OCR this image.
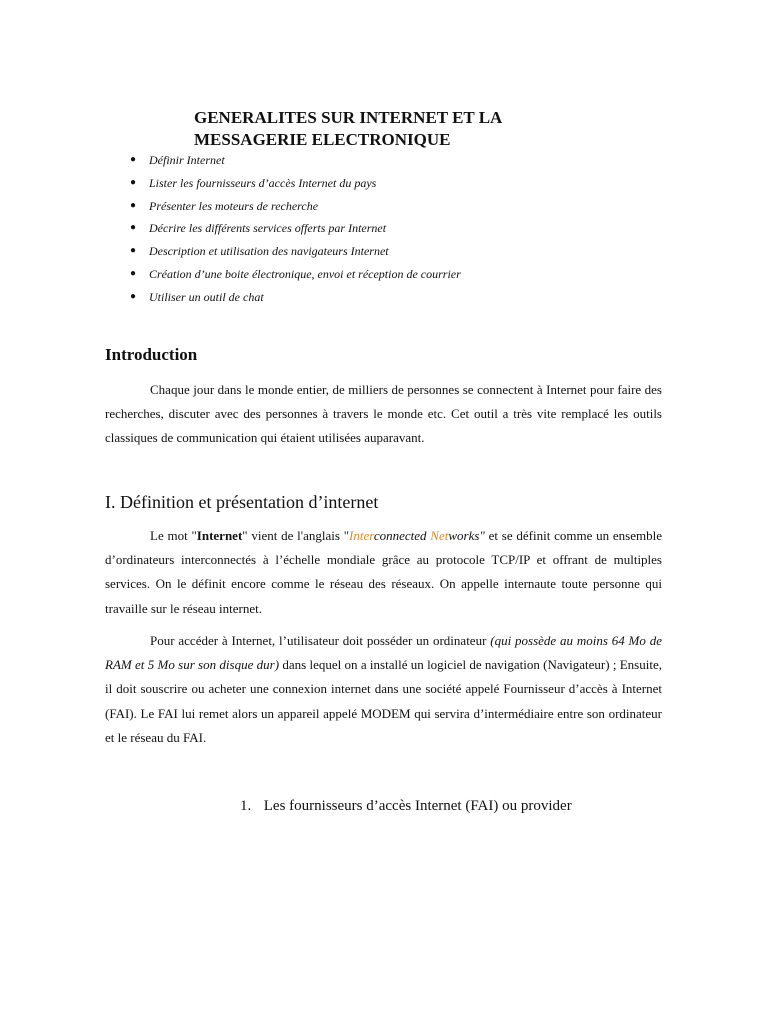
GENERALITES SUR INTERNET ET LA
MESSAGERIE ELECTRONIQUE
● Définir Internet
● Lister les fournisseurs d’accès Internet du pays
● Présenter les moteurs de recherche
● Décrire les différents services offerts par Internet
● Description et utilisation des navigateurs Internet
● Création d’une boite électronique, envoi et réception de courrier
● Utiliser un outil de chat
Introduction

Chaque jour dans le monde entier, de milliers de personnes se connectent à Internet pour faire des recherches, discuter avec des personnes à travers le monde etc. Cet outil a très vite remplacé les outils classiques de communication qui étaient utilisées auparavant.

I. Définition et présentation d’internet

Le mot "Internet" vient de l'anglais "Interconnected Networks" et se définit comme un ensemble d’ordinateurs interconnectés à l’échelle mondiale grâce au protocole TCP/IP et offrant de multiples services. On le définit encore comme le réseau des réseaux. On appelle internaute toute personne qui travaille sur le réseau internet.

Pour accéder à Internet, l’utilisateur doit posséder un ordinateur (qui possède au moins 64 Mo de RAM et 5 Mo sur son disque dur) dans lequel on a installé un logiciel de navigation (Navigateur) ; Ensuite, il doit souscrire ou acheter une connexion internet dans une société appelé Fournisseur d’accès à Internet (FAI). Le FAI lui remet alors un appareil appelé MODEM qui servira d’intermédiaire entre son ordinateur et le réseau du FAI.

1. Les fournisseurs d’accès Internet (FAI) ou provider
